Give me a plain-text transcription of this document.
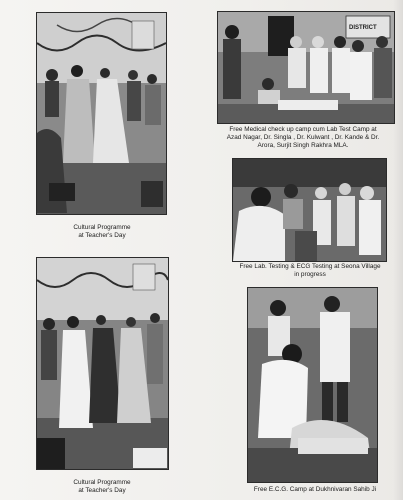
Cultural Programme
at Teacher's Day
DISTRICT
Free Medical check up camp cum Lab Test Camp at
Azad Nagar, Dr. Singla , Dr. Kulwant , Dr. Kande & Dr.
Arora, Surjit Singh Rakhra MLA.
Free Lab. Testing & ECG Testing at Seona Village
in progress
Cultural Programme
at Teacher's Day	Free E.C.G. Camp at Dukhnivaran Sahib Ji
